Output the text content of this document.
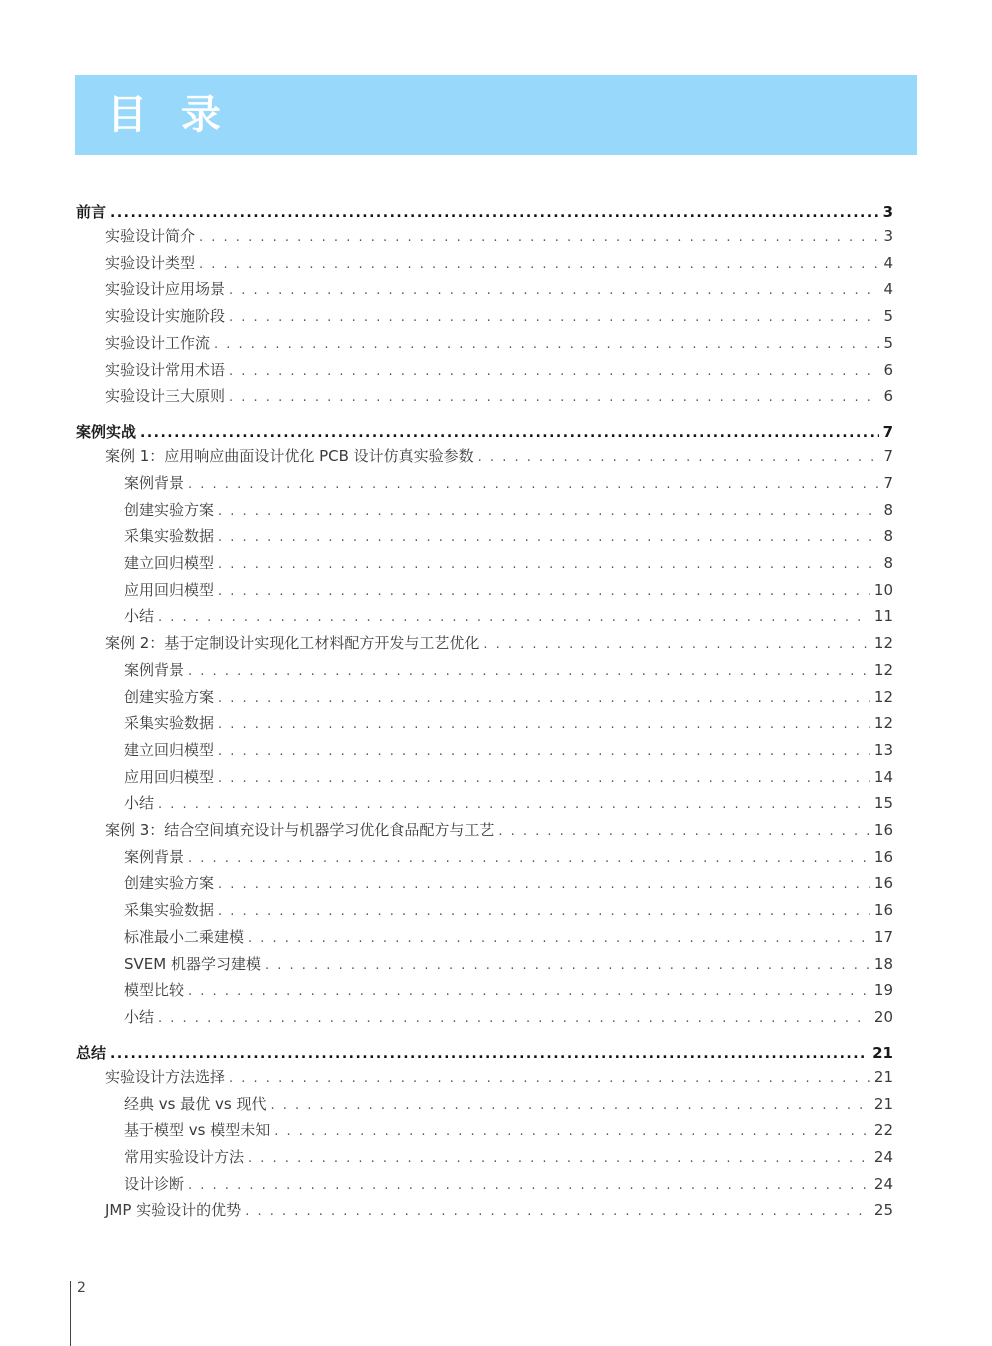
目 录
前言 .....	3
实验设计简介 . . .	3
实验设计类型 . . .	4
实验设计应用场景 . . .	4
实验设计实施阶段 . . .	5
实验设计工作流 . . .	5
实验设计常用术语 . . .	6
实验设计三大原则 . . .	6
案例实战 .....	7
案例 1：应用响应曲面设计优化 PCB 设计仿真实验参数 . . .	7
案例背景 . . .	7
创建实验方案 . . .	8
采集实验数据 . . .	8
建立回归模型 . . .	8
应用回归模型 . . .	10
小结 . . .	11
案例 2：基于定制设计实现化工材料配方开发与工艺优化 . . .	12
案例背景 . . .	12
创建实验方案 . . .	12
采集实验数据 . . .	12
建立回归模型 . . .	13
应用回归模型 . . .	14
小结 . . .	15
案例 3：结合空间填充设计与机器学习优化食品配方与工艺 . . .	16
案例背景 . . .	16
创建实验方案 . . .	16
采集实验数据 . . .	16
标准最小二乘建模 . . .	17
SVEM 机器学习建模 . . .	18
模型比较 . . .	19
小结 . . .	20
总结 .....	21
实验设计方法选择 . . .	21
经典 vs 最优 vs 现代 . . .	21
基于模型 vs 模型未知 . . .	22
常用实验设计方法 . . .	24
设计诊断 . . .	24
JMP 实验设计的优势 . . .	25
2
